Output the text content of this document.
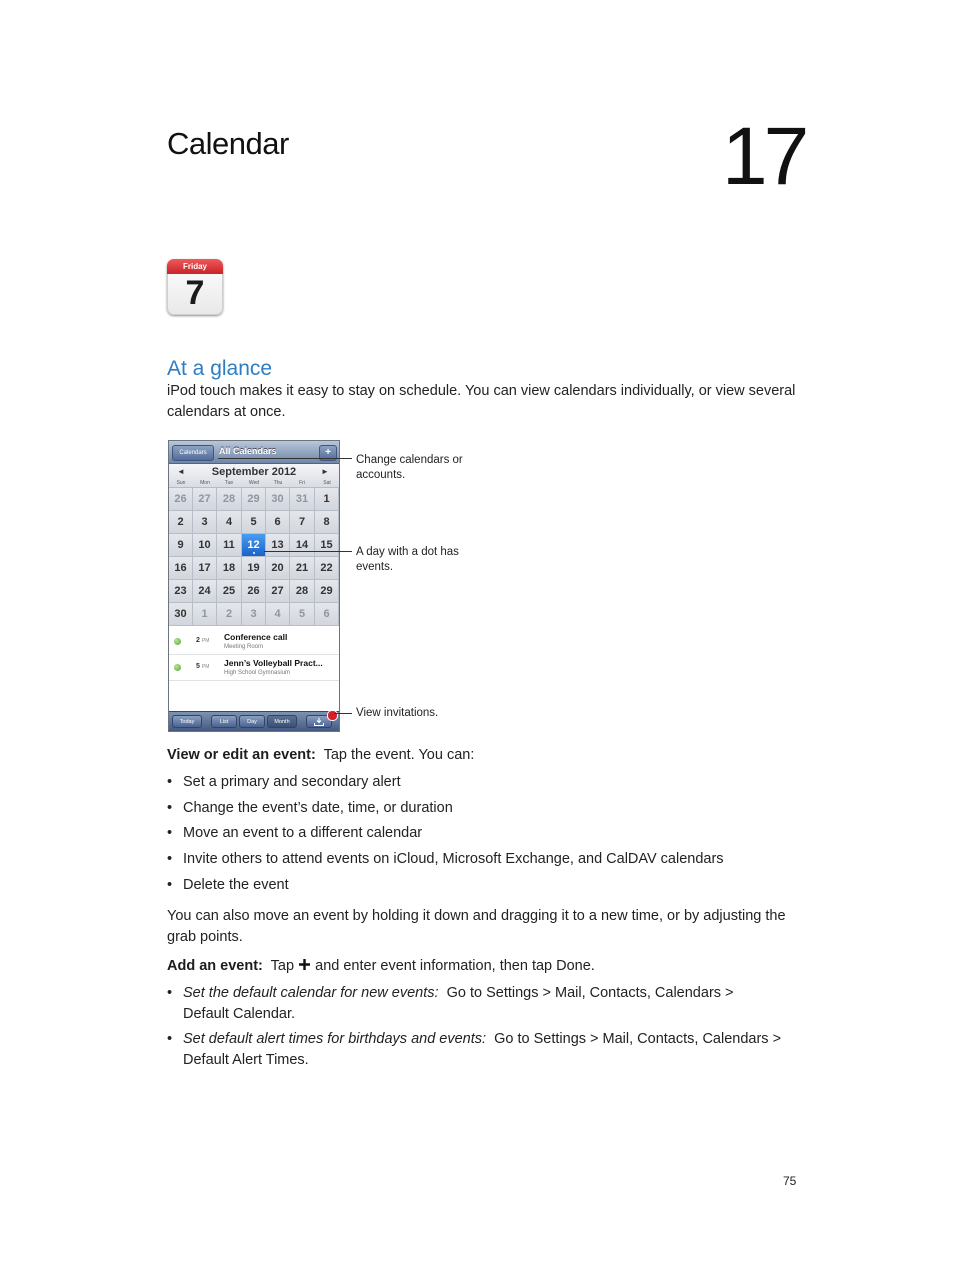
Calendar	17
Friday
7
At a glance
iPod touch makes it easy to stay on schedule. You can view calendars individually, or view several calendars at once.
Calendars	All Calendars	+
◄	September 2012	►
Sun	Mon	Tue	Wed	Thu	Fri	Sat
26	27	28	29	30	31	1
2	3	4	5	6	7	8
9	10	11	12	13	14	15
16	17	18	19	20	21	22
23	24	25	26	27	28	29
30	1	2	3	4	5	6
2 PM Conference call
Meeting Room
5 PM Jenn’s Volleyball Pract...
High School Gymnasium
Today	List	Day	Month
Change calendars or accounts.
A day with a dot has events.
View invitations.
View or edit an event: Tap the event. You can:
• Set a primary and secondary alert
• Change the event’s date, time, or duration
• Move an event to a different calendar
• Invite others to attend events on iCloud, Microsoft Exchange, and CalDAV calendars
• Delete the event
You can also move an event by holding it down and dragging it to a new time, or by adjusting the grab points.
Add an event: Tap and enter event information, then tap Done.
• Set the default calendar for new events: Go to Settings > Mail, Contacts, Calendars > Default Calendar.
• Set default alert times for birthdays and events: Go to Settings > Mail, Contacts, Calendars > Default Alert Times.
75
